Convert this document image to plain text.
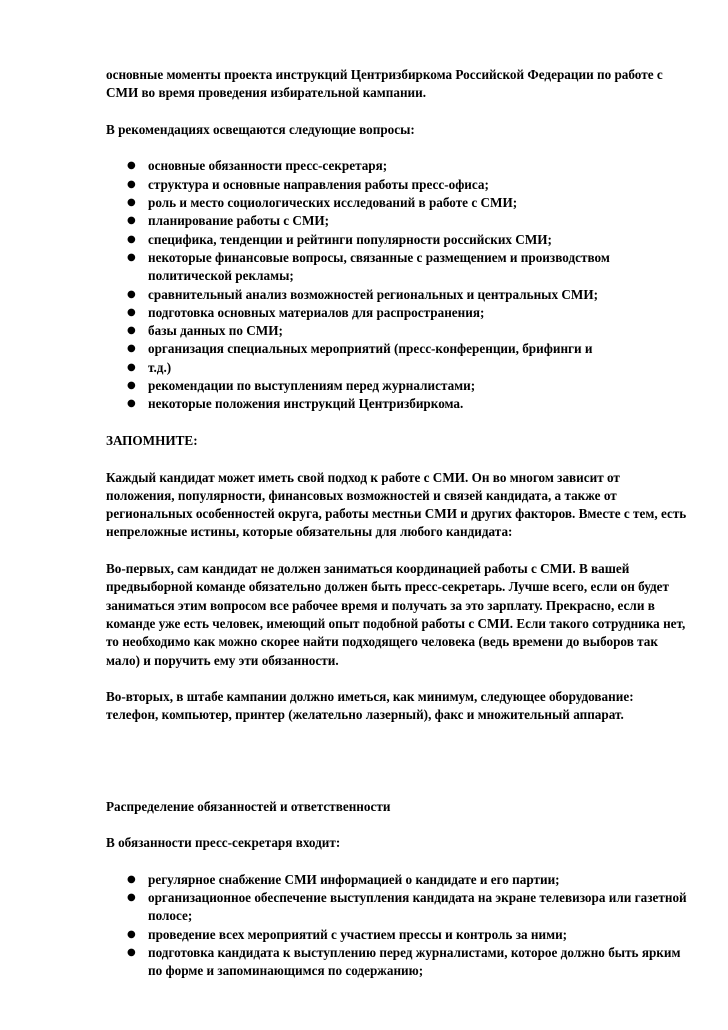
основные моменты проекта инструкций Центризбиркома Российской Федерации по работе с СМИ во время проведения избирательной кампании.

В рекомендациях освещаются следующие вопросы:

● основные обязанности пресс-секретаря;
● структура и основные направления работы пресс-офиса;
● роль и место социологических исследований в работе с СМИ;
● планирование работы с СМИ;
● специфика, тенденции и рейтинги популярности российских СМИ;
● некоторые финансовые вопросы, связанные с размещением и производством политической рекламы;
● сравнительный анализ возможностей региональных и центральных СМИ;
● подготовка основных материалов для распространения;
● базы данных по СМИ;
● организация специальных мероприятий (пресс-конференции, брифинги и
● т.д.)
● рекомендации по выступлениям перед журналистами;
● некоторые положения инструкций Центризбиркома.

ЗАПОМНИТЕ:

Каждый кандидат может иметь свой подход к работе с СМИ. Он во многом зависит от положения, популярности, финансовых возможностей и связей кандидата, а также от региональных особенностей округа, работы местньи СМИ и других факторов. Вместе с тем, есть непреложные истины, которые обязательны для любого кандидата:

Во-первых, сам кандидат не должен заниматься координацией работы с СМИ. В вашей предвыборной команде обязательно должен быть пресс-секретарь. Лучше всего, если он будет заниматься этим вопросом все рабочее время и получать за это зарплату. Прекрасно, если в команде уже есть человек, имеющий опыт подобной работы с СМИ. Если такого сотрудника нет, то необходимо как можно скорее найти подходящего человека (ведь времени до выборов так мало) и поручить ему эти обязанности.

Во-вторых, в штабе кампании должно иметься, как минимум, следующее оборудование: телефон, компьютер, принтер (желательно лазерный), факс и множительный аппарат.

Распределение обязанностей и ответственности

В обязанности пресс-секретаря входит:

● регулярное снабжение СМИ информацией о кандидате и его партии;
● организационное обеспечение выступления кандидата на экране телевизора или газетной полосе;
● проведение всех мероприятий с участием прессы и контроль за ними;
● подготовка кандидата к выступлению перед журналистами, которое должно быть ярким по форме и запоминающимся по содержанию;
